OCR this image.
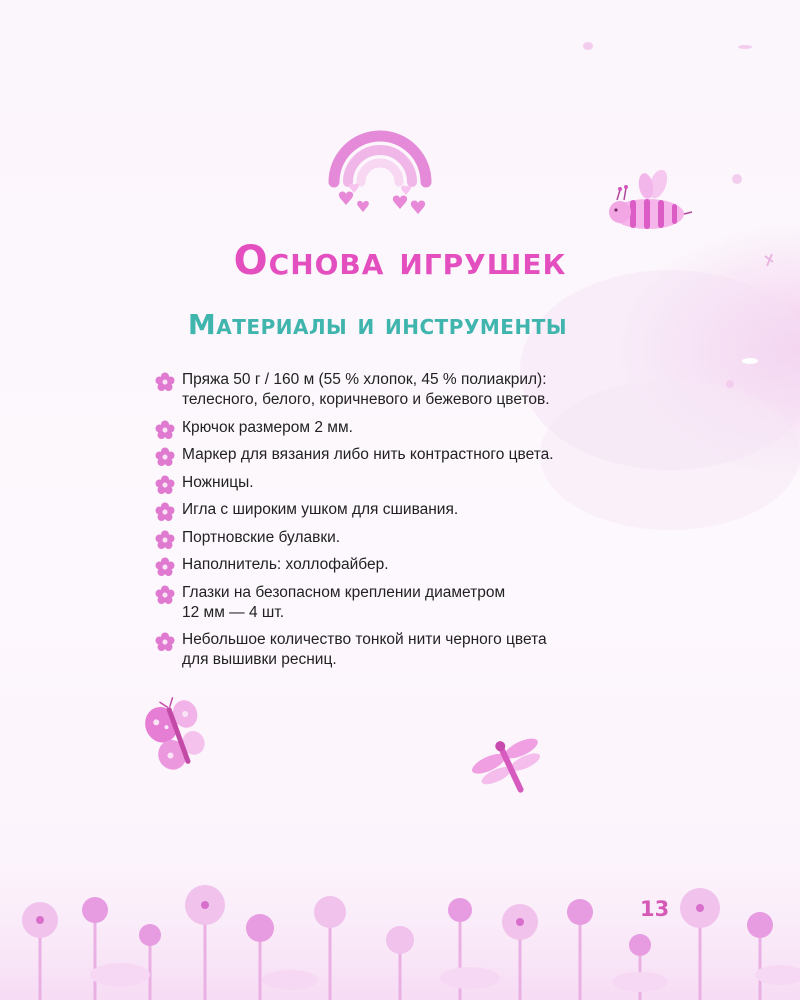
Основа игрушек
Материалы и инструменты
Пряжа 50 г / 160 м (55 % хлопок, 45 % полиакрил):
телесного, белого, коричневого и бежевого цветов.
Крючок размером 2 мм.
Маркер для вязания либо нить контрастного цвета.
Ножницы.
Игла с широким ушком для сшивания.
Портновские булавки.
Наполнитель: холлофайбер.
Глазки на безопасном креплении диаметром
12 мм — 4 шт.
Небольшое количество тонкой нити черного цвета
для вышивки ресниц.
13
